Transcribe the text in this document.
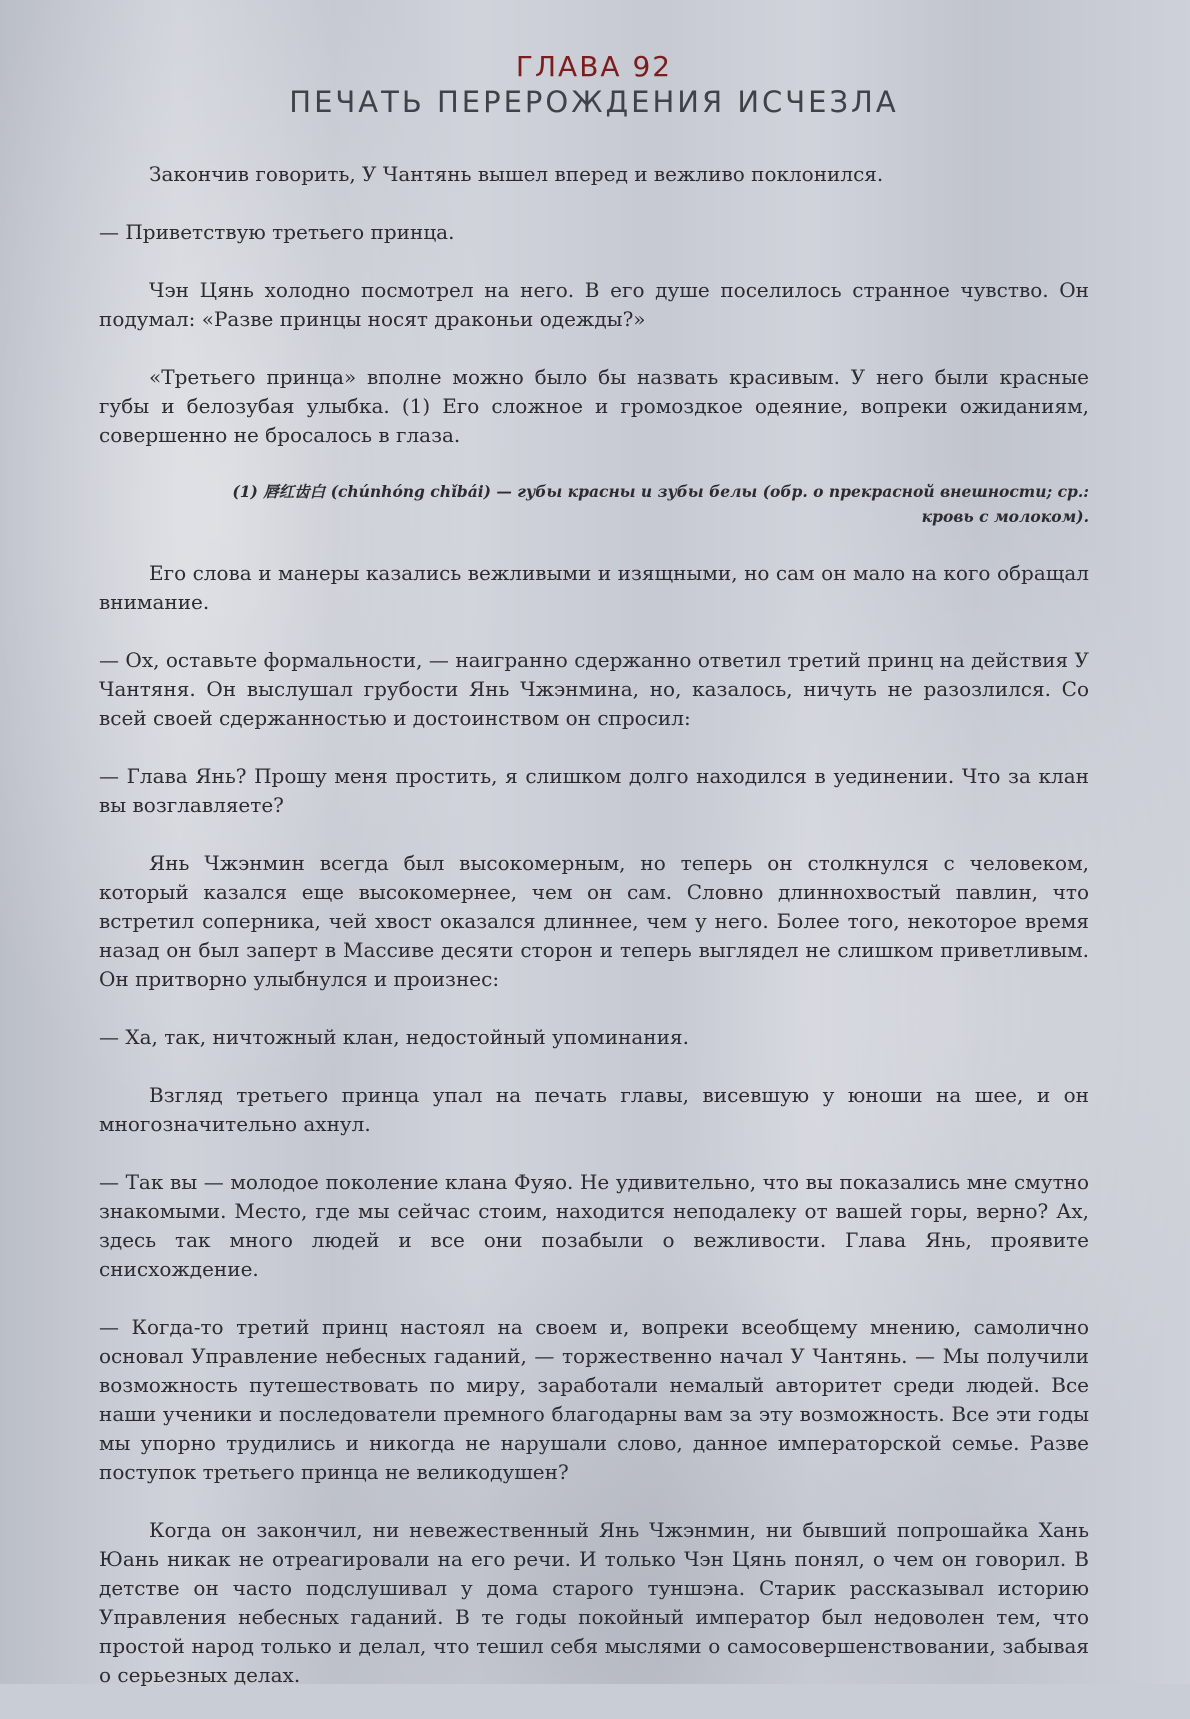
ГЛАВА 92
ПЕЧАТЬ ПЕРЕРОЖДЕНИЯ ИСЧЕЗЛА

Закончив говорить, У Чантянь вышел вперед и вежливо поклонился.

— Приветствую третьего принца.

Чэн Цянь холодно посмотрел на него. В его душе поселилось странное чувство. Он подумал: «Разве принцы носят драконьи одежды?»

«Третьего принца» вполне можно было бы назвать красивым. У него были красные губы и белозубая улыбка. (1) Его сложное и громоздкое одеяние, вопреки ожиданиям, совершенно не бросалось в глаза.

(1) 唇红齿白 (chúnhóng chǐbái) — губы красны и зубы белы (обр. о прекрасной внешности; ср.: кровь с молоком).

Его слова и манеры казались вежливыми и изящными, но сам он мало на кого обращал внимание.

— Ох, оставьте формальности, — наигранно сдержанно ответил третий принц на действия У Чантяня. Он выслушал грубости Янь Чжэнмина, но, казалось, ничуть не разозлился. Со всей своей сдержанностью и достоинством он спросил:

— Глава Янь? Прошу меня простить, я слишком долго находился в уединении. Что за клан вы возглавляете?

Янь Чжэнмин всегда был высокомерным, но теперь он столкнулся с человеком, который казался еще высокомернее, чем он сам. Словно длиннохвостый павлин, что встретил соперника, чей хвост оказался длиннее, чем у него. Более того, некоторое время назад он был заперт в Массиве десяти сторон и теперь выглядел не слишком приветливым. Он притворно улыбнулся и произнес:

— Ха, так, ничтожный клан, недостойный упоминания.

Взгляд третьего принца упал на печать главы, висевшую у юноши на шее, и он многозначительно ахнул.

— Так вы — молодое поколение клана Фуяо. Не удивительно, что вы показались мне смутно знакомыми. Место, где мы сейчас стоим, находится неподалеку от вашей горы, верно? Ах, здесь так много людей и все они позабыли о вежливости. Глава Янь, проявите снисхождение.

— Когда-то третий принц настоял на своем и, вопреки всеобщему мнению, самолично основал Управление небесных гаданий, — торжественно начал У Чантянь. — Мы получили возможность путешествовать по миру, заработали немалый авторитет среди людей. Все наши ученики и последователи премного благодарны вам за эту возможность. Все эти годы мы упорно трудились и никогда не нарушали слово, данное императорской семье. Разве поступок третьего принца не великодушен?

Когда он закончил, ни невежественный Янь Чжэнмин, ни бывший попрошайка Хань Юань никак не отреагировали на его речи. И только Чэн Цянь понял, о чем он говорил. В детстве он часто подслушивал у дома старого туншэна. Старик рассказывал историю Управления небесных гаданий. В те годы покойный император был недоволен тем, что простой народ только и делал, что тешил себя мыслями о самосовершенствовании, забывая о серьезных делах.
